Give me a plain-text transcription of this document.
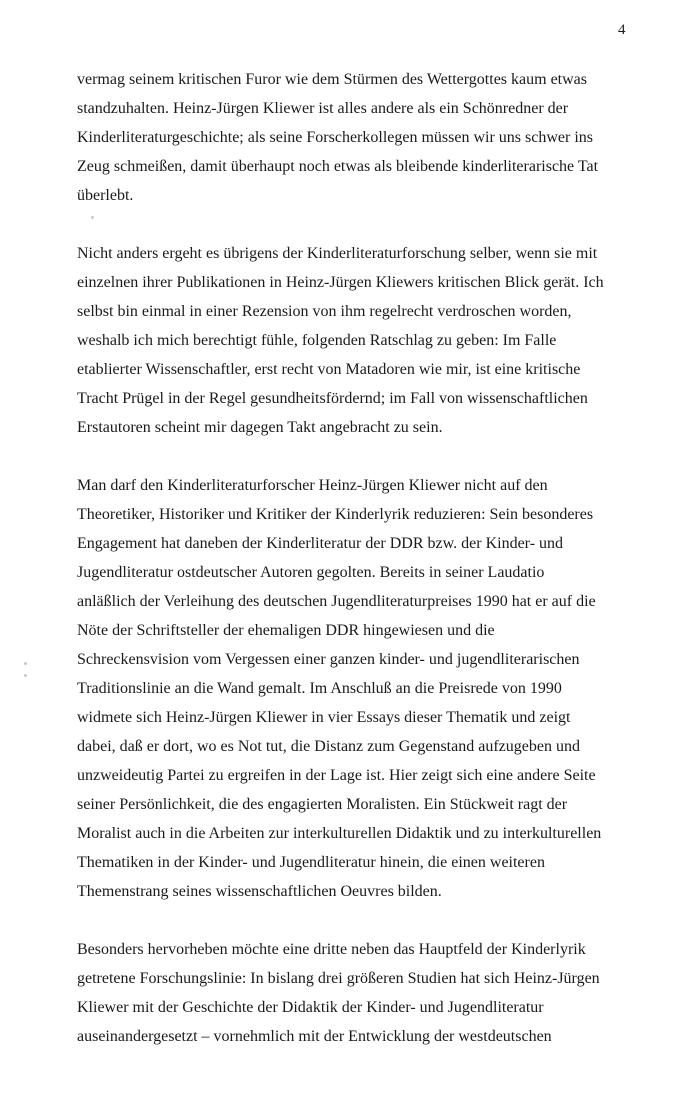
4
vermag seinem kritischen Furor wie dem Stürmen des Wettergottes kaum etwas
standzuhalten. Heinz-Jürgen Kliewer ist alles andere als ein Schönredner der
Kinderliteraturgeschichte; als seine Forscherkollegen müssen wir uns schwer ins
Zeug schmeißen, damit überhaupt noch etwas als bleibende kinderliterarische Tat
überlebt.
Nicht anders ergeht es übrigens der Kinderliteraturforschung selber, wenn sie mit
einzelnen ihrer Publikationen in Heinz-Jürgen Kliewers kritischen Blick gerät. Ich
selbst bin einmal in einer Rezension von ihm regelrecht verdroschen worden,
weshalb ich mich berechtigt fühle, folgenden Ratschlag zu geben: Im Falle
etablierter Wissenschaftler, erst recht von Matadoren wie mir, ist eine kritische
Tracht Prügel in der Regel gesundheitsfördernd; im Fall von wissenschaftlichen
Erstautoren scheint mir dagegen Takt angebracht zu sein.
Man darf den Kinderliteraturforscher Heinz-Jürgen Kliewer nicht auf den
Theoretiker, Historiker und Kritiker der Kinderlyrik reduzieren: Sein besonderes
Engagement hat daneben der Kinderliteratur der DDR bzw. der Kinder- und
Jugendliteratur ostdeutscher Autoren gegolten. Bereits in seiner Laudatio
anläßlich der Verleihung des deutschen Jugendliteraturpreises 1990 hat er auf die
Nöte der Schriftsteller der ehemaligen DDR hingewiesen und die
Schreckensvision vom Vergessen einer ganzen kinder- und jugendliterarischen
Traditionslinie an die Wand gemalt. Im Anschluß an die Preisrede von 1990
widmete sich Heinz-Jürgen Kliewer in vier Essays dieser Thematik und zeigt
dabei, daß er dort, wo es Not tut, die Distanz zum Gegenstand aufzugeben und
unzweideutig Partei zu ergreifen in der Lage ist. Hier zeigt sich eine andere Seite
seiner Persönlichkeit, die des engagierten Moralisten. Ein Stückweit ragt der
Moralist auch in die Arbeiten zur interkulturellen Didaktik und zu interkulturellen
Thematiken in der Kinder- und Jugendliteratur hinein, die einen weiteren
Themenstrang seines wissenschaftlichen Oeuvres bilden.
Besonders hervorheben möchte eine dritte neben das Hauptfeld der Kinderlyrik
getretene Forschungslinie: In bislang drei größeren Studien hat sich Heinz-Jürgen
Kliewer mit der Geschichte der Didaktik der Kinder- und Jugendliteratur
auseinandergesetzt – vornehmlich mit der Entwicklung der westdeutschen
